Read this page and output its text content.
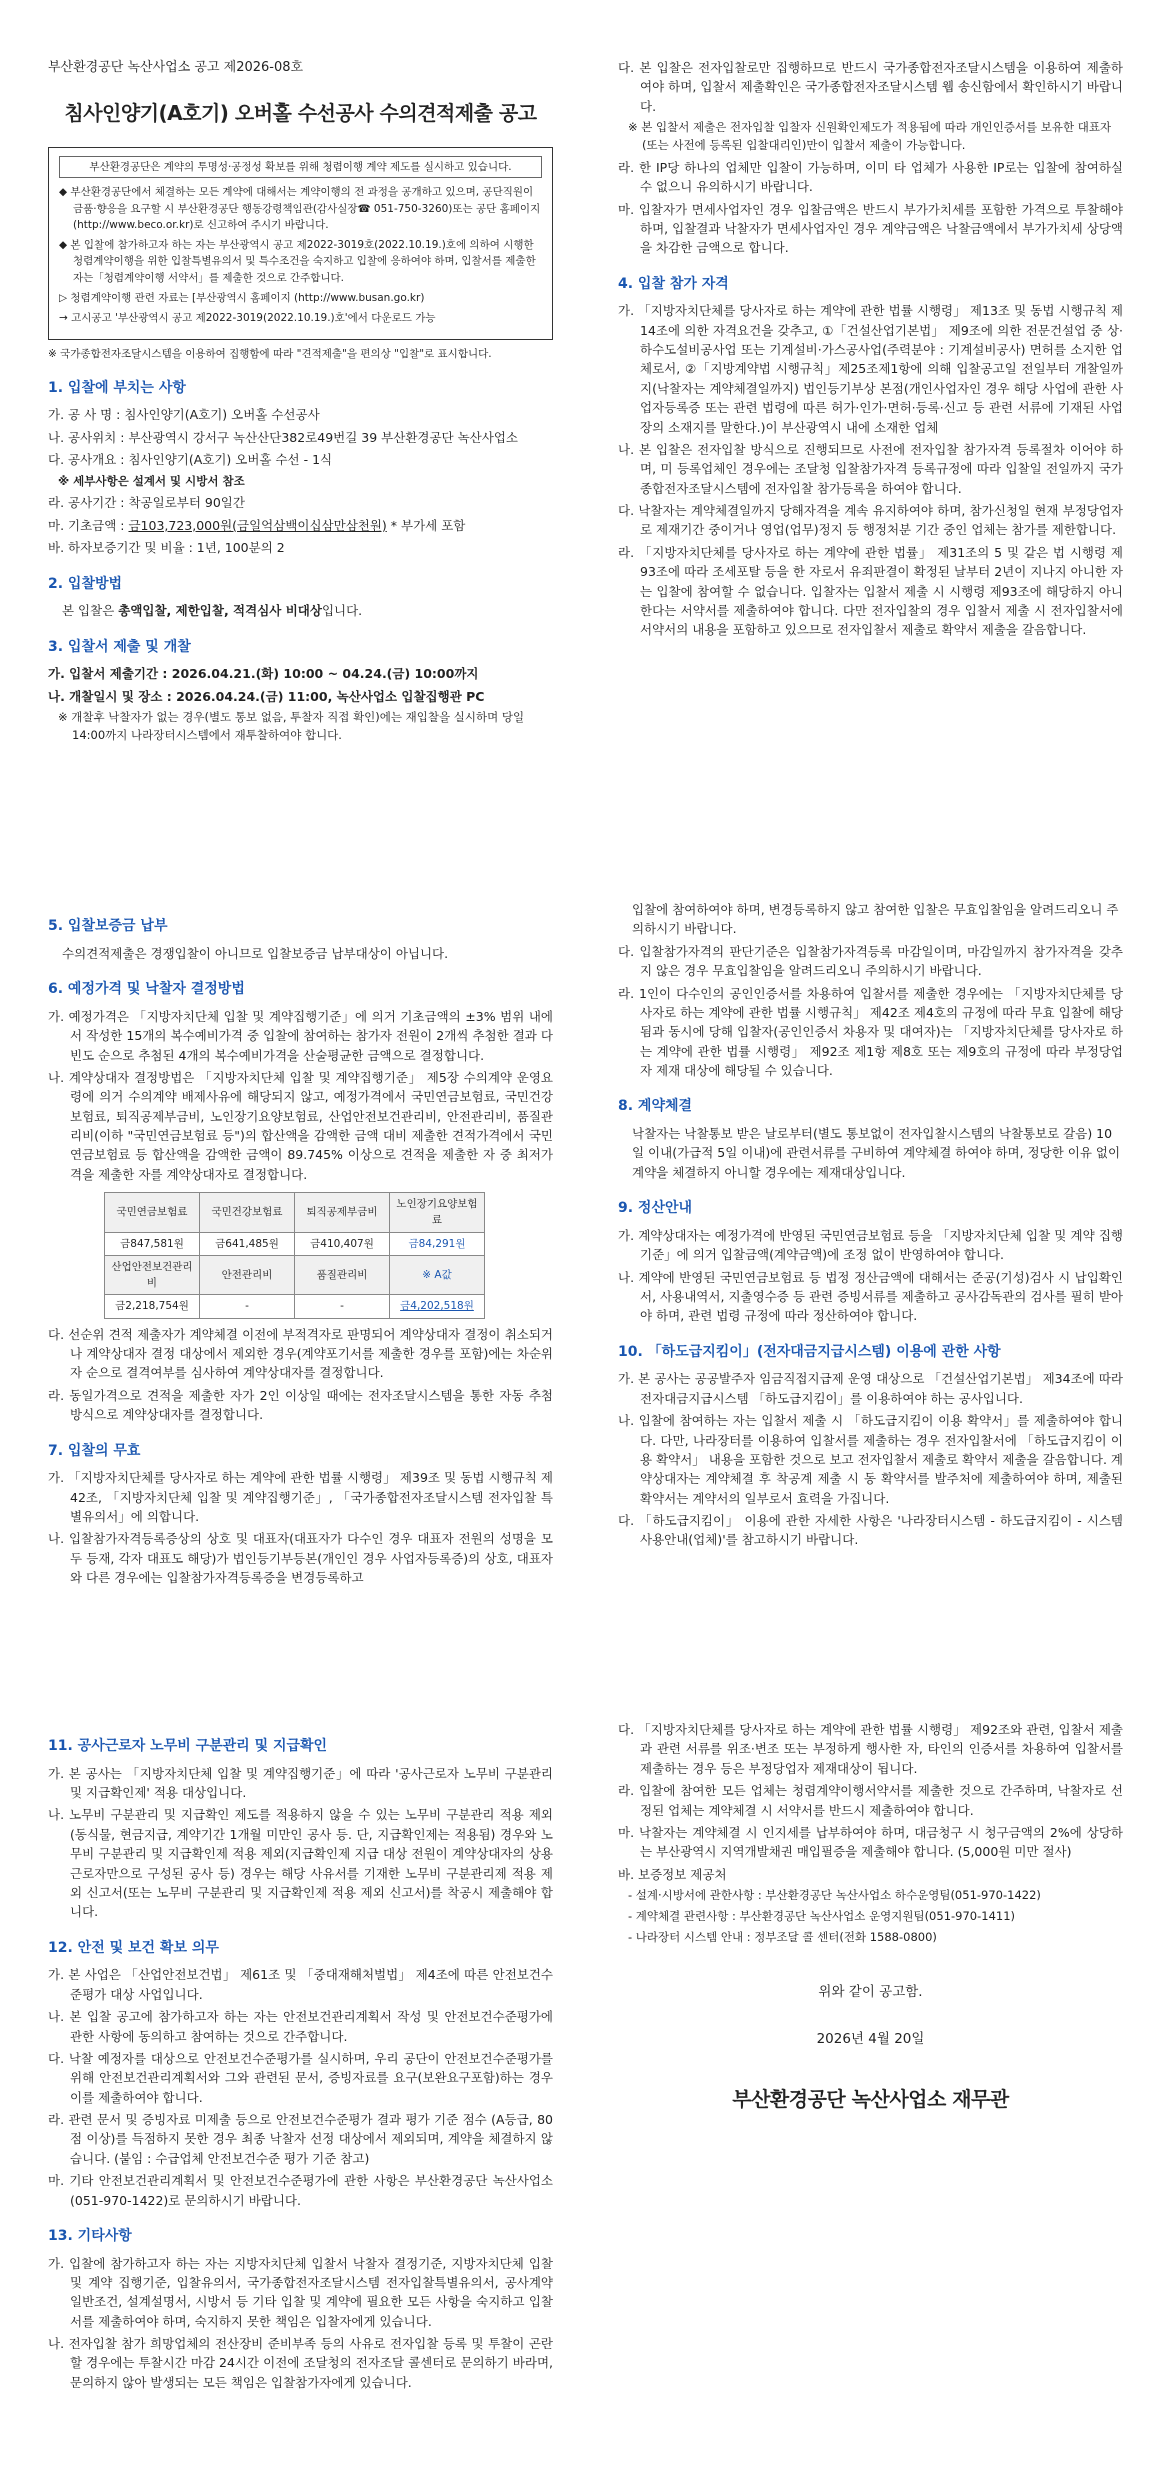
부산환경공단 녹산사업소 공고 제2026-08호

침사인양기(A호기) 오버홀 수선공사 수의견적제출 공고

부산환경공단은 계약의 투명성·공정성 확보를 위해 청렴이행 계약 제도를 실시하고 있습니다.

◆ 부산환경공단에서 체결하는 모든 계약에 대해서는 계약이행의 전 과정을 공개하고 있으며, 공단직원이 금품·향응을 요구할 시 부산환경공단 행동강령책임관(감사실장☎ 051-750-3260)또는 공단 홈페이지(http://www.beco.or.kr)로 신고하여 주시기 바랍니다.

◆ 본 입찰에 참가하고자 하는 자는 부산광역시 공고 제2022-3019호(2022.10.19.)호에 의하여 시행한 청렴계약이행을 위한 입찰특별유의서 및 특수조건을 숙지하고 입찰에 응하여야 하며, 입찰서를 제출한 자는「청렴계약이행 서약서」를 제출한 것으로 간주합니다.

▷ 청렴계약이행 관련 자료는 [부산광역시 홈페이지 (http://www.busan.go.kr)

→ 고시공고 '부산광역시 공고 제2022-3019(2022.10.19.)호'에서 다운로드 가능

※ 국가종합전자조달시스템을 이용하여 집행함에 따라 "견적제출"을 편의상 "입찰"로 표시합니다.

1. 입찰에 부치는 사항

가. 공 사 명 : 침사인양기(A호기) 오버홀 수선공사

나. 공사위치 : 부산광역시 강서구 녹산산단382로49번길 39 부산환경공단 녹산사업소

다. 공사개요 : 침사인양기(A호기) 오버홀 수선 - 1식

※ 세부사항은 설계서 및 시방서 참조

라. 공사기간 : 착공일로부터 90일간

마. 기초금액 : 금103,723,000원(금일억삼백이십삼만삼천원) * 부가세 포함

바. 하자보증기간 및 비율 : 1년, 100분의 2

2. 입찰방법

본 입찰은 총액입찰, 제한입찰, 적격심사 비대상입니다.

3. 입찰서 제출 및 개찰

가. 입찰서 제출기간 : 2026.04.21.(화) 10:00 ~ 04.24.(금) 10:00까지

나. 개찰일시 및 장소 : 2026.04.24.(금) 11:00, 녹산사업소 입찰집행관 PC

※ 개찰후 낙찰자가 없는 경우(별도 통보 없음, 투찰자 직접 확인)에는 재입찰을 실시하며 당일 14:00까지 나라장터시스템에서 재투찰하여야 합니다.

다. 본 입찰은 전자입찰로만 집행하므로 반드시 국가종합전자조달시스템을 이용하여 제출하여야 하며, 입찰서 제출확인은 국가종합전자조달시스템 웹 송신함에서 확인하시기 바랍니다.

※ 본 입찰서 제출은 전자입찰 입찰자 신원확인제도가 적용됨에 따라 개인인증서를 보유한 대표자 (또는 사전에 등록된 입찰대리인)만이 입찰서 제출이 가능합니다.

라. 한 IP당 하나의 업체만 입찰이 가능하며, 이미 타 업체가 사용한 IP로는 입찰에 참여하실 수 없으니 유의하시기 바랍니다.

마. 입찰자가 면세사업자인 경우 입찰금액은 반드시 부가가치세를 포함한 가격으로 투찰해야 하며, 입찰결과 낙찰자가 면세사업자인 경우 계약금액은 낙찰금액에서 부가가치세 상당액을 차감한 금액으로 합니다.

4. 입찰 참가 자격

가. 「지방자치단체를 당사자로 하는 계약에 관한 법률 시행령」 제13조 및 동법 시행규칙 제14조에 의한 자격요건을 갖추고, ①「건설산업기본법」 제9조에 의한 전문건설업 중 상·하수도설비공사업 또는 기계설비·가스공사업(주력분야 : 기계설비공사) 면허를 소지한 업체로서, ②「지방계약법 시행규칙」제25조제1항에 의해 입찰공고일 전일부터 개찰일까지(낙찰자는 계약체결일까지) 법인등기부상 본점(개인사업자인 경우 해당 사업에 관한 사업자등록증 또는 관련 법령에 따른 허가·인가·면허·등록·신고 등 관련 서류에 기재된 사업장의 소재지를 말한다.)이 부산광역시 내에 소재한 업체

나. 본 입찰은 전자입찰 방식으로 진행되므로 사전에 전자입찰 참가자격 등록절차 이어야 하며, 미 등록업체인 경우에는 조달청 입찰참가자격 등록규정에 따라 입찰일 전일까지 국가종합전자조달시스템에 전자입찰 참가등록을 하여야 합니다.

다. 낙찰자는 계약체결일까지 당해자격을 계속 유지하여야 하며, 참가신청일 현재 부정당업자로 제재기간 중이거나 영업(업무)정지 등 행정처분 기간 중인 업체는 참가를 제한합니다.

라. 「지방자치단체를 당사자로 하는 계약에 관한 법률」 제31조의 5 및 같은 법 시행령 제93조에 따라 조세포탈 등을 한 자로서 유죄판결이 확정된 날부터 2년이 지나지 아니한 자는 입찰에 참여할 수 없습니다. 입찰자는 입찰서 제출 시 시행령 제93조에 해당하지 아니한다는 서약서를 제출하여야 합니다. 다만 전자입찰의 경우 입찰서 제출 시 전자입찰서에 서약서의 내용을 포함하고 있으므로 전자입찰서 제출로 확약서 제출을 갈음합니다.

5. 입찰보증금 납부

수의견적제출은 경쟁입찰이 아니므로 입찰보증금 납부대상이 아닙니다.

6. 예정가격 및 낙찰자 결정방법

가. 예정가격은 「지방자치단체 입찰 및 계약집행기준」에 의거 기초금액의 ±3% 범위 내에서 작성한 15개의 복수예비가격 중 입찰에 참여하는 참가자 전원이 2개씩 추첨한 결과 다빈도 순으로 추첨된 4개의 복수예비가격을 산술평균한 금액으로 결정합니다.

나. 계약상대자 결정방법은 「지방자치단체 입찰 및 계약집행기준」 제5장 수의계약 운영요령에 의거 수의계약 배제사유에 해당되지 않고, 예정가격에서 국민연금보험료, 국민건강보험료, 퇴직공제부금비, 노인장기요양보험료, 산업안전보건관리비, 안전관리비, 품질관리비(이하 "국민연금보험료 등")의 합산액을 감액한 금액 대비 제출한 견적가격에서 국민연금보험료 등 합산액을 감액한 금액이 89.745% 이상으로 견적을 제출한 자 중 최저가격을 제출한 자를 계약상대자로 결정합니다.

국민연금보험료	국민건강보험료	퇴직공제부금비	노인장기요양보험료
금847,581원	금641,485원	금410,407원	금84,291원
산업안전보건관리비	안전관리비	품질관리비	※ A값
금2,218,754원	-	-	금4,202,518원

다. 선순위 견적 제출자가 계약체결 이전에 부적격자로 판명되어 계약상대자 결정이 취소되거나 계약상대자 결정 대상에서 제외한 경우(계약포기서를 제출한 경우를 포함)에는 차순위자 순으로 결격여부를 심사하여 계약상대자를 결정합니다.

라. 동일가격으로 견적을 제출한 자가 2인 이상일 때에는 전자조달시스템을 통한 자동 추첨 방식으로 계약상대자를 결정합니다.

7. 입찰의 무효

가. 「지방자치단체를 당사자로 하는 계약에 관한 법률 시행령」 제39조 및 동법 시행규칙 제42조, 「지방자치단체 입찰 및 계약집행기준」, 「국가종합전자조달시스템 전자입찰 특별유의서」에 의합니다.

나. 입찰참가자격등록증상의 상호 및 대표자(대표자가 다수인 경우 대표자 전원의 성명을 모두 등재, 각자 대표도 해당)가 법인등기부등본(개인인 경우 사업자등록증)의 상호, 대표자와 다른 경우에는 입찰참가자격등록증을 변경등록하고

입찰에 참여하여야 하며, 변경등록하지 않고 참여한 입찰은 무효입찰임을 알려드리오니 주의하시기 바랍니다.

다. 입찰참가자격의 판단기준은 입찰참가자격등록 마감일이며, 마감일까지 참가자격을 갖추지 않은 경우 무효입찰임을 알려드리오니 주의하시기 바랍니다.

라. 1인이 다수인의 공인인증서를 차용하여 입찰서를 제출한 경우에는 「지방자치단체를 당사자로 하는 계약에 관한 법률 시행규칙」 제42조 제4호의 규정에 따라 무효 입찰에 해당됨과 동시에 당해 입찰자(공인인증서 차용자 및 대여자)는 「지방자치단체를 당사자로 하는 계약에 관한 법률 시행령」 제92조 제1항 제8호 또는 제9호의 규정에 따라 부정당업자 제재 대상에 해당될 수 있습니다.

8. 계약체결

낙찰자는 낙찰통보 받은 날로부터(별도 통보없이 전자입찰시스템의 낙찰통보로 갈음) 10일 이내(가급적 5일 이내)에 관련서류를 구비하여 계약체결 하여야 하며, 정당한 이유 없이 계약을 체결하지 아니할 경우에는 제재대상입니다.

9. 정산안내

가. 계약상대자는 예정가격에 반영된 국민연금보험료 등을 「지방자치단체 입찰 및 계약 집행기준」에 의거 입찰금액(계약금액)에 조정 없이 반영하여야 합니다.

나. 계약에 반영된 국민연금보험료 등 법정 정산금액에 대해서는 준공(기성)검사 시 납입확인서, 사용내역서, 지출영수증 등 관련 증빙서류를 제출하고 공사감독관의 검사를 필히 받아야 하며, 관련 법령 규정에 따라 정산하여야 합니다.

10. 「하도급지킴이」(전자대금지급시스템) 이용에 관한 사항

가. 본 공사는 공공발주자 임금직접지급제 운영 대상으로 「건설산업기본법」 제34조에 따라 전자대금지급시스템 「하도급지킴이」를 이용하여야 하는 공사입니다.

나. 입찰에 참여하는 자는 입찰서 제출 시 「하도급지킴이 이용 확약서」를 제출하여야 합니다. 다만, 나라장터를 이용하여 입찰서를 제출하는 경우 전자입찰서에 「하도급지킴이 이용 확약서」 내용을 포함한 것으로 보고 전자입찰서 제출로 확약서 제출을 갈음합니다. 계약상대자는 계약체결 후 착공계 제출 시 동 확약서를 발주처에 제출하여야 하며, 제출된 확약서는 계약서의 일부로서 효력을 가집니다.

다. 「하도급지킴이」 이용에 관한 자세한 사항은 '나라장터시스템 - 하도급지킴이 - 시스템 사용안내(업체)'를 참고하시기 바랍니다.

11. 공사근로자 노무비 구분관리 및 지급확인

가. 본 공사는 「지방자치단체 입찰 및 계약집행기준」에 따라 '공사근로자 노무비 구분관리 및 지급확인제' 적용 대상입니다.

나. 노무비 구분관리 및 지급확인 제도를 적용하지 않을 수 있는 노무비 구분관리 적용 제외(동식물, 현금지급, 계약기간 1개월 미만인 공사 등. 단, 지급확인제는 적용됨) 경우와 노무비 구분관리 및 지급확인제 적용 제외(지급확인제 지급 대상 전원이 계약상대자의 상용근로자만으로 구성된 공사 등) 경우는 해당 사유서를 기재한 노무비 구분관리제 적용 제외 신고서(또는 노무비 구분관리 및 지급확인제 적용 제외 신고서)를 착공시 제출해야 합니다.

12. 안전 및 보건 확보 의무

가. 본 사업은 「산업안전보건법」 제61조 및 「중대재해처벌법」 제4조에 따른 안전보건수준평가 대상 사업입니다.

나. 본 입찰 공고에 참가하고자 하는 자는 안전보건관리계획서 작성 및 안전보건수준평가에 관한 사항에 동의하고 참여하는 것으로 간주합니다.

다. 낙찰 예정자를 대상으로 안전보건수준평가를 실시하며, 우리 공단이 안전보건수준평가를 위해 안전보건관리계획서와 그와 관련된 문서, 증빙자료를 요구(보완요구포함)하는 경우 이를 제출하여야 합니다.

라. 관련 문서 및 증빙자료 미제출 등으로 안전보건수준평가 결과 평가 기준 점수 (A등급, 80점 이상)를 득점하지 못한 경우 최종 낙찰자 선정 대상에서 제외되며, 계약을 체결하지 않습니다. (붙임 : 수급업체 안전보건수준 평가 기준 참고)

마. 기타 안전보건관리계획서 및 안전보건수준평가에 관한 사항은 부산환경공단 녹산사업소(051-970-1422)로 문의하시기 바랍니다.

13. 기타사항

가. 입찰에 참가하고자 하는 자는 지방자치단체 입찰서 낙찰자 결정기준, 지방자치단체 입찰 및 계약 집행기준, 입찰유의서, 국가종합전자조달시스템 전자입찰특별유의서, 공사계약 일반조건, 설계설명서, 시방서 등 기타 입찰 및 계약에 필요한 모든 사항을 숙지하고 입찰서를 제출하여야 하며, 숙지하지 못한 책임은 입찰자에게 있습니다.

나. 전자입찰 참가 희망업체의 전산장비 준비부족 등의 사유로 전자입찰 등록 및 투찰이 곤란할 경우에는 투찰시간 마감 24시간 이전에 조달청의 전자조달 콜센터로 문의하기 바라며, 문의하지 않아 발생되는 모든 책임은 입찰참가자에게 있습니다.

다. 「지방자치단체를 당사자로 하는 계약에 관한 법률 시행령」 제92조와 관련, 입찰서 제출과 관련 서류를 위조·변조 또는 부정하게 행사한 자, 타인의 인증서를 차용하여 입찰서를 제출하는 경우 등은 부정당업자 제재대상이 됩니다.

라. 입찰에 참여한 모든 업체는 청렴계약이행서약서를 제출한 것으로 간주하며, 낙찰자로 선정된 업체는 계약체결 시 서약서를 반드시 제출하여야 합니다.

마. 낙찰자는 계약체결 시 인지세를 납부하여야 하며, 대금청구 시 청구금액의 2%에 상당하는 부산광역시 지역개발채권 매입필증을 제출해야 합니다. (5,000원 미만 절사)

바. 보증정보 제공처

- 설계·시방서에 관한사항 : 부산환경공단 녹산사업소 하수운영팀(051-970-1422)

- 계약체결 관련사항 : 부산환경공단 녹산사업소 운영지원팀(051-970-1411)

- 나라장터 시스템 안내 : 정부조달 콜 센터(전화 1588-0800)

위와 같이 공고함.

2026년 4월 20일

부산환경공단 녹산사업소 재무관
